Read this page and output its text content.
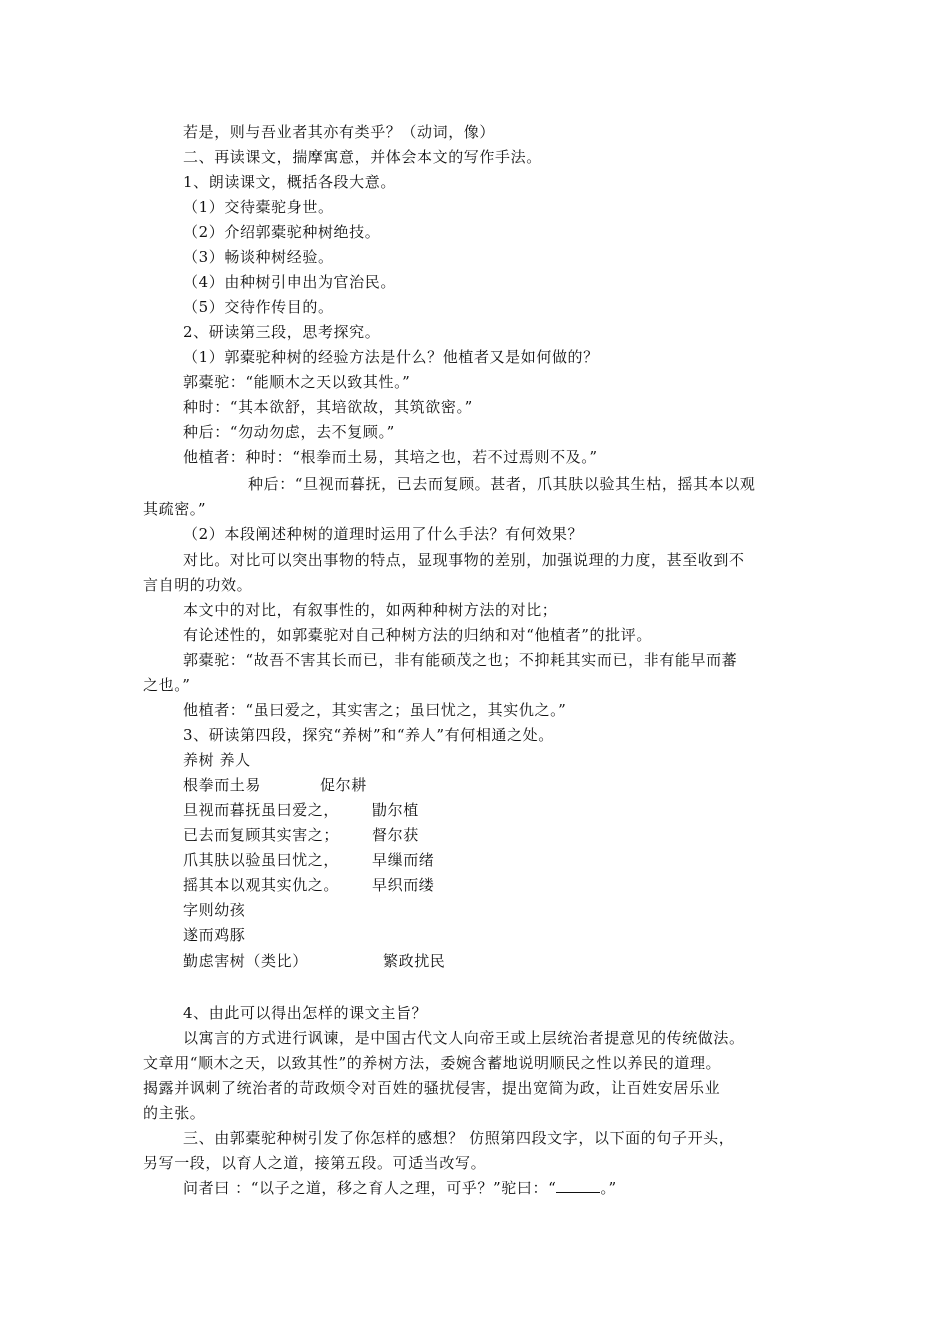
若是，则与吾业者其亦有类乎？（动词，像）
二、再读课文，揣摩寓意，并体会本文的写作手法。
1、朗读课文，概括各段大意。
（1）交待橐驼身世。
（2）介绍郭橐驼种树绝技。
（3）畅谈种树经验。
（4）由种树引申出为官治民。
（5）交待作传目的。
2、研读第三段，思考探究。
（1）郭橐驼种树的经验方法是什么？他植者又是如何做的？
郭橐驼：“能顺木之天以致其性。”
种时：“其本欲舒，其培欲故，其筑欲密。”
种后：“勿动勿虑，去不复顾。”
他植者：种时：“根拳而土易，其培之也，若不过焉则不及。”
种后：“旦视而暮抚，已去而复顾。甚者，爪其肤以验其生枯，摇其本以观
其疏密。”
（2）本段阐述种树的道理时运用了什么手法？有何效果？
对比。对比可以突出事物的特点，显现事物的差别，加强说理的力度，甚至收到不
言自明的功效。
本文中的对比，有叙事性的，如两种种树方法的对比；
有论述性的，如郭橐驼对自己种树方法的归纳和对“他植者”的批评。
郭橐驼：“故吾不害其长而已，非有能硕茂之也；不抑耗其实而已，非有能早而蕃
之也。”
他植者：“虽曰爱之，其实害之；虽曰忧之，其实仇之。”
3、研读第四段，探究“养树”和“养人”有何相通之处。
养树 养人
根拳而土易	促尔耕
旦视而暮抚虽曰爱之， 勖尔植
已去而复顾其实害之； 督尔获
爪其肤以验虽曰忧之， 早缫而绪
摇其本以观其实仇之。 早织而缕
字则幼孩
遂而鸡豚
勤虑害树（类比）	繁政扰民
4、由此可以得出怎样的课文主旨？
以寓言的方式进行讽谏，是中国古代文人向帝王或上层统治者提意见的传统做法。
文章用“顺木之天，以致其性”的养树方法，委婉含蓄地说明顺民之性以养民的道理。
揭露并讽刺了统治者的苛政烦令对百姓的骚扰侵害，提出宽简为政，让百姓安居乐业
的主张。
三、由郭橐驼种树引发了你怎样的感想？ 仿照第四段文字，以下面的句子开头，
另写一段，以育人之道，接第五段。可适当改写。
问者曰 ：“以子之道，移之育人之理，可乎？”驼曰：“	。”
